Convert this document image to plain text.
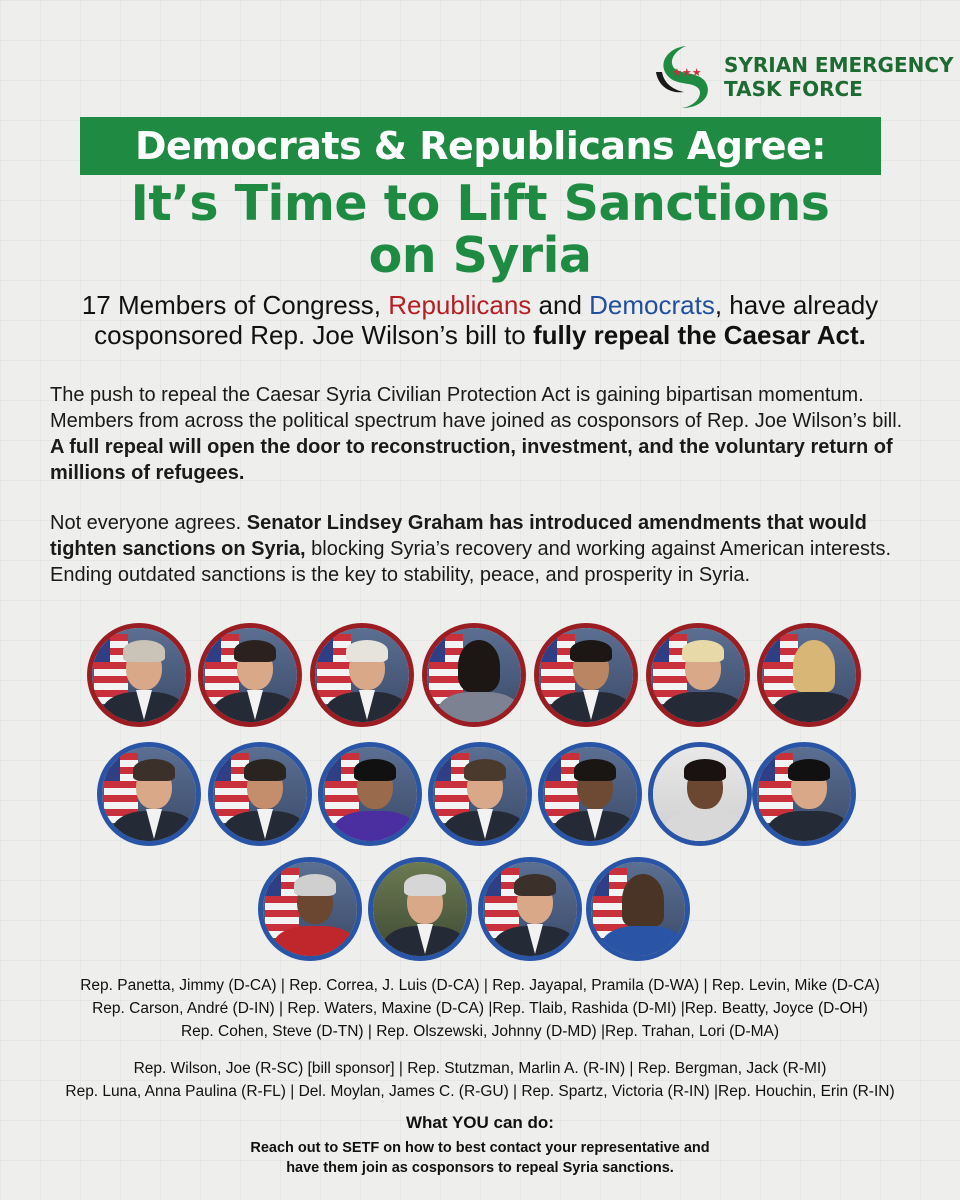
★★★ SYRIAN EMERGENCY
TASK FORCE
Democrats & Republicans Agree:
It’s Time to Lift Sanctions
on Syria
17 Members of Congress, Republicans and Democrats, have already cosponsored Rep. Joe Wilson’s bill to fully repeal the Caesar Act.
The push to repeal the Caesar Syria Civilian Protection Act is gaining bipartisan momentum. Members from across the political spectrum have joined as cosponsors of Rep. Joe Wilson’s bill. A full repeal will open the door to reconstruction, investment, and the voluntary return of millions of refugees.
Not everyone agrees. Senator Lindsey Graham has introduced amendments that would tighten sanctions on Syria, blocking Syria’s recovery and working against American interests. Ending outdated sanctions is the key to stability, peace, and prosperity in Syria.
Rep. Panetta, Jimmy (D-CA) | Rep. Correa, J. Luis (D-CA) | Rep. Jayapal, Pramila (D-WA) | Rep. Levin, Mike (D-CA)
Rep. Carson, André (D-IN) | Rep. Waters, Maxine (D-CA) |Rep. Tlaib, Rashida (D-MI) |Rep. Beatty, Joyce (D-OH)
Rep. Cohen, Steve (D-TN) | Rep. Olszewski, Johnny (D-MD) |Rep. Trahan, Lori (D-MA)
Rep. Wilson, Joe (R-SC) [bill sponsor] | Rep. Stutzman, Marlin A. (R-IN) | Rep. Bergman, Jack (R-MI)
Rep. Luna, Anna Paulina (R-FL) | Del. Moylan, James C. (R-GU) | Rep. Spartz, Victoria (R-IN) |Rep. Houchin, Erin (R-IN)
What YOU can do:
Reach out to SETF on how to best contact your representative and
have them join as cosponsors to repeal Syria sanctions.
